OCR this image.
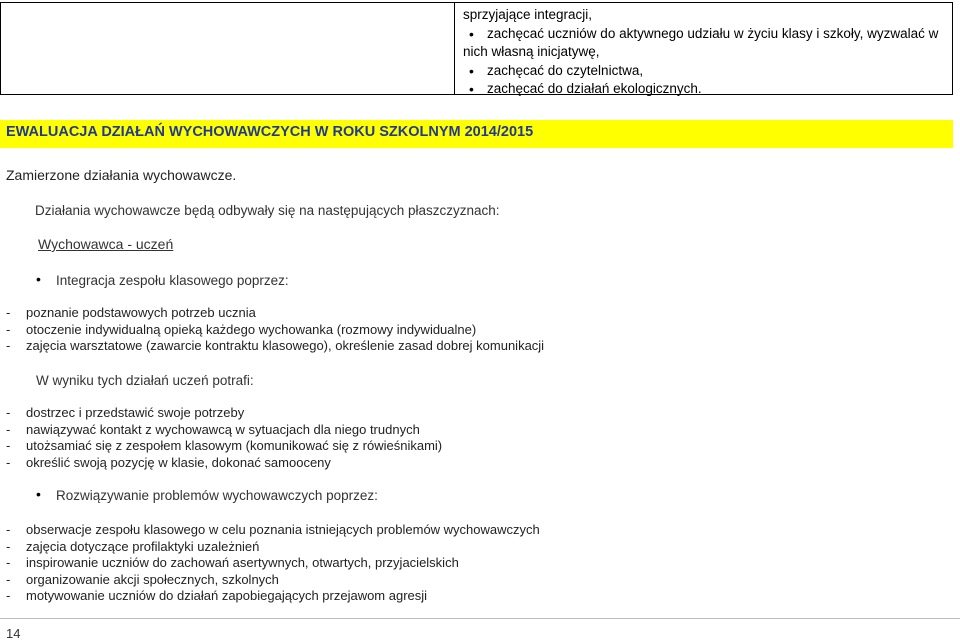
sprzyjające integracji,
• zachęcać uczniów do aktywnego udziału w życiu klasy i szkoły, wyzwalać w
nich własną inicjatywę,
• zachęcać do czytelnictwa,
• zachęcać do działań ekologicznych.
EWALUACJA DZIAŁAŃ WYCHOWAWCZYCH W ROKU SZKOLNYM 2014/2015
Zamierzone działania wychowawcze.
Działania wychowawcze będą odbywały się na następujących płaszczyznach:
Wychowawca - uczeń
• Integracja zespołu klasowego poprzez:
- poznanie podstawowych potrzeb ucznia
- otoczenie indywidualną opieką każdego wychowanka (rozmowy indywidualne)
- zajęcia warsztatowe (zawarcie kontraktu klasowego), określenie zasad dobrej komunikacji
W wyniku tych działań uczeń potrafi:
- dostrzec i przedstawić swoje potrzeby
- nawiązywać kontakt z wychowawcą w sytuacjach dla niego trudnych
- utożsamiać się z zespołem klasowym (komunikować się z rówieśnikami)
- określić swoją pozycję w klasie, dokonać samooceny
• Rozwiązywanie problemów wychowawczych poprzez:
- obserwacje zespołu klasowego w celu poznania istniejących problemów wychowawczych
- zajęcia dotyczące profilaktyki uzależnień
- inspirowanie uczniów do zachowań asertywnych, otwartych, przyjacielskich
- organizowanie akcji społecznych, szkolnych
- motywowanie uczniów do działań zapobiegających przejawom agresji
14
